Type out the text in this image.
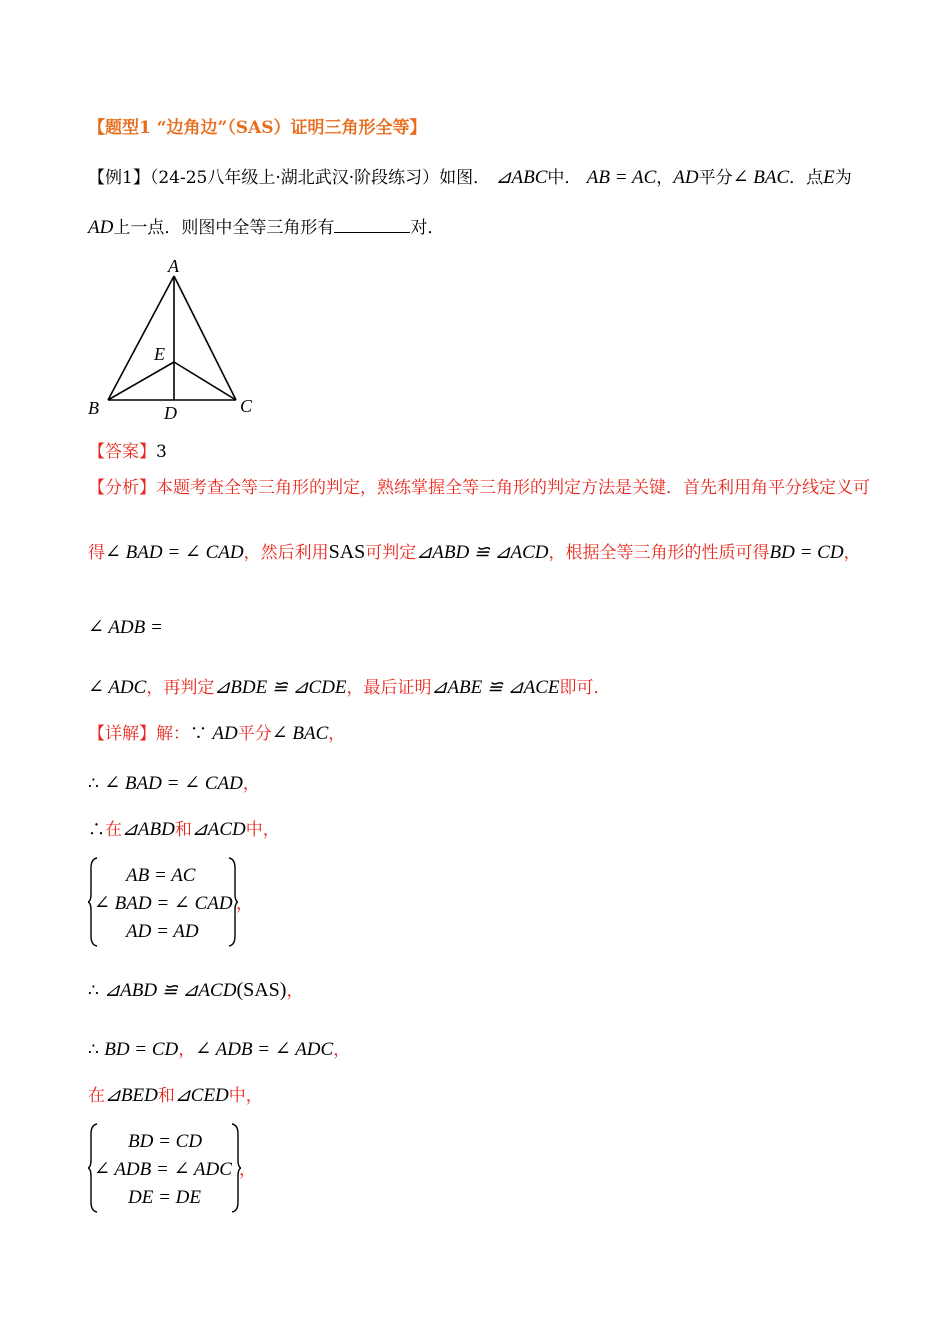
【题型1 “边角边”（SAS）证明三角形全等】
【例1】（24-25八年级上·湖北武汉·阶段练习）如图． ⊿ABC中． AB = AC，AD平分∠ BAC．点E为
AD上一点．则图中全等三角形有	对．
A
B	C
D
E
【答案】3
【分析】本题考查全等三角形的判定，熟练掌握全等三角形的判定方法是关键．首先利用角平分线定义可
得∠ BAD = ∠ CAD，然后利用SAS可判定⊿ABD ≌ ⊿ACD，根据全等三角形的性质可得BD = CD，
∠ ADB =
∠ ADC，再判定⊿BDE ≌ ⊿CDE，最后证明⊿ABE ≌ ⊿ACE即可．
【详解】解：∵ AD平分∠ BAC，
∴ ∠ BAD = ∠ CAD，
∴在⊿ABD和⊿ACD中，
AB = AC
∠ BAD = ∠ CAD
AD = AD
，
∴ ⊿ABD ≌ ⊿ACD(SAS)，
∴ BD = CD，∠ ADB = ∠ ADC，
在⊿BED和⊿CED中，
BD = CD
∠ ADB = ∠ ADC
DE = DE
，
